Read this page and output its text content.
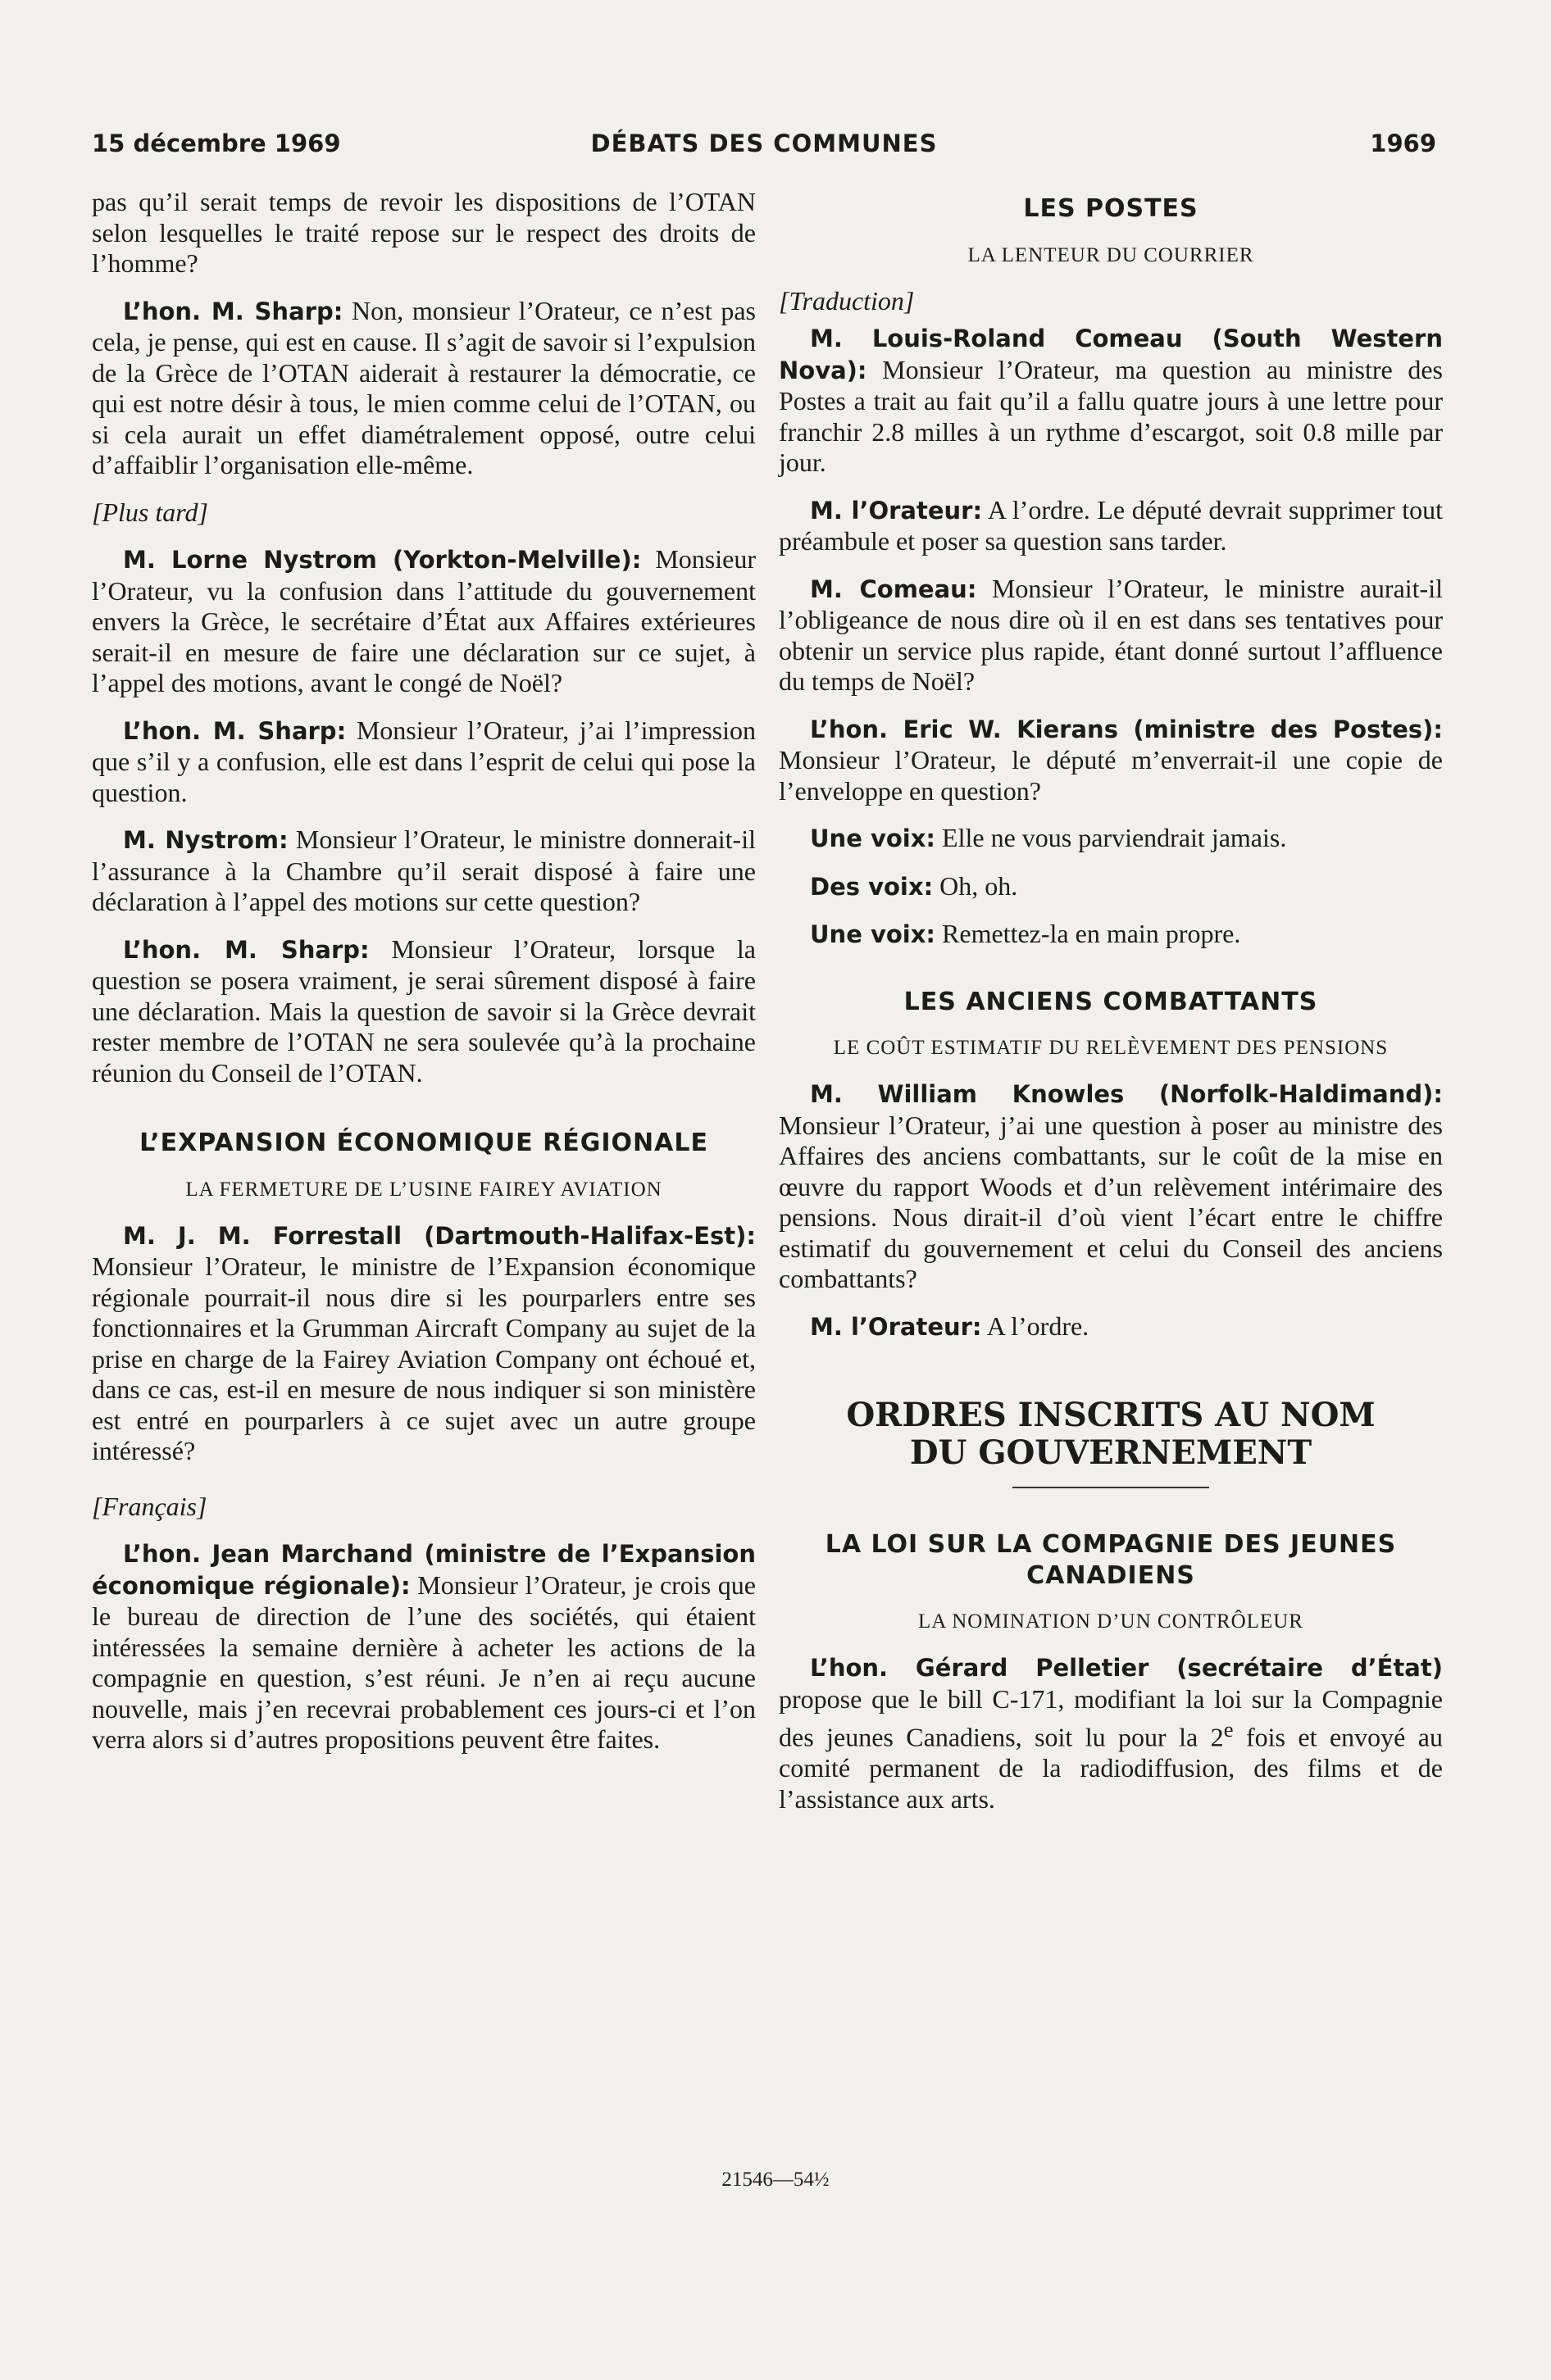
15 décembre 1969	DÉBATS DES COMMUNES	1969

pas qu’il serait temps de revoir les dispositions de l’OTAN selon lesquelles le traité repose sur le respect des droits de l’homme?

L’hon. M. Sharp: Non, monsieur l’Orateur, ce n’est pas cela, je pense, qui est en cause. Il s’agit de savoir si l’expulsion de la Grèce de l’OTAN aiderait à restaurer la démocratie, ce qui est notre désir à tous, le mien comme celui de l’OTAN, ou si cela aurait un effet diamétralement opposé, outre celui d’affaiblir l’organisation elle-même.

[Plus tard]

M. Lorne Nystrom (Yorkton-Melville): Monsieur l’Orateur, vu la confusion dans l’attitude du gouvernement envers la Grèce, le secrétaire d’État aux Affaires extérieures serait-il en mesure de faire une déclaration sur ce sujet, à l’appel des motions, avant le congé de Noël?

L’hon. M. Sharp: Monsieur l’Orateur, j’ai l’impression que s’il y a confusion, elle est dans l’esprit de celui qui pose la question.

M. Nystrom: Monsieur l’Orateur, le ministre donnerait-il l’assurance à la Chambre qu’il serait disposé à faire une déclaration à l’appel des motions sur cette question?

L’hon. M. Sharp: Monsieur l’Orateur, lorsque la question se posera vraiment, je serai sûrement disposé à faire une déclaration. Mais la question de savoir si la Grèce devrait rester membre de l’OTAN ne sera soulevée qu’à la prochaine réunion du Conseil de l’OTAN.

L’EXPANSION ÉCONOMIQUE RÉGIONALE
LA FERMETURE DE L’USINE FAIREY AVIATION

M. J. M. Forrestall (Dartmouth-Halifax-Est): Monsieur l’Orateur, le ministre de l’Expansion économique régionale pourrait-il nous dire si les pourparlers entre ses fonctionnaires et la Grumman Aircraft Company au sujet de la prise en charge de la Fairey Aviation Company ont échoué et, dans ce cas, est-il en mesure de nous indiquer si son ministère est entré en pourparlers à ce sujet avec un autre groupe intéressé?

[Français]

L’hon. Jean Marchand (ministre de l’Expansion économique régionale): Monsieur l’Orateur, je crois que le bureau de direction de l’une des sociétés, qui étaient intéressées la semaine dernière à acheter les actions de la compagnie en question, s’est réuni. Je n’en ai reçu aucune nouvelle, mais j’en recevrai probablement ces jours-ci et l’on verra alors si d’autres propositions peuvent être faites.

LES POSTES
LA LENTEUR DU COURRIER
[Traduction]

M. Louis-Roland Comeau (South Western Nova): Monsieur l’Orateur, ma question au ministre des Postes a trait au fait qu’il a fallu quatre jours à une lettre pour franchir 2.8 milles à un rythme d’escargot, soit 0.8 mille par jour.

M. l’Orateur: A l’ordre. Le député devrait supprimer tout préambule et poser sa question sans tarder.

M. Comeau: Monsieur l’Orateur, le ministre aurait-il l’obligeance de nous dire où il en est dans ses tentatives pour obtenir un service plus rapide, étant donné surtout l’affluence du temps de Noël?

L’hon. Eric W. Kierans (ministre des Postes): Monsieur l’Orateur, le député m’enverrait-il une copie de l’enveloppe en question?

Une voix: Elle ne vous parviendrait jamais.

Des voix: Oh, oh.

Une voix: Remettez-la en main propre.

LES ANCIENS COMBATTANTS
LE COÛT ESTIMATIF DU RELÈVEMENT DES PENSIONS

M. William Knowles (Norfolk-Haldimand): Monsieur l’Orateur, j’ai une question à poser au ministre des Affaires des anciens combattants, sur le coût de la mise en œuvre du rapport Woods et d’un relèvement intérimaire des pensions. Nous dirait-il d’où vient l’écart entre le chiffre estimatif du gouvernement et celui du Conseil des anciens combattants?

M. l’Orateur: A l’ordre.

ORDRES INSCRITS AU NOM DU GOUVERNEMENT
LA LOI SUR LA COMPAGNIE DES JEUNES CANADIENS
LA NOMINATION D’UN CONTRÔLEUR

L’hon. Gérard Pelletier (secrétaire d’État) propose que le bill C-171, modifiant la loi sur la Compagnie des jeunes Canadiens, soit lu pour la 2e fois et envoyé au comité permanent de la radiodiffusion, des films et de l’assistance aux arts.

21546—54½
